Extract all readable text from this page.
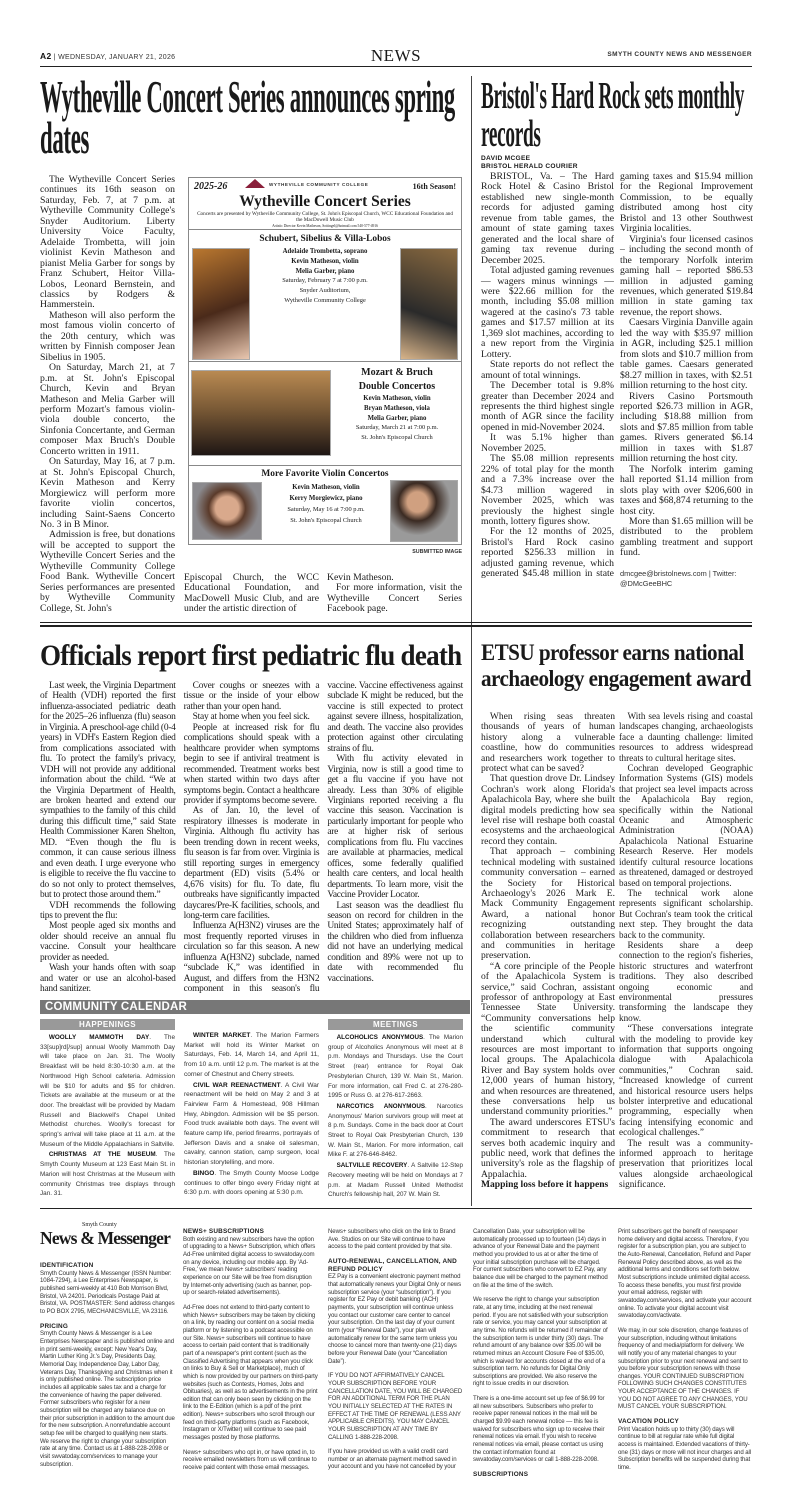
A2 | WEDNESDAY, JANUARY 21, 2026	NEWS	SMYTH COUNTY NEWS AND MESSENGER
Wytheville Concert Series announces spring dates

The Wytheville Concert Series continues its 16th season on Saturday, Feb. 7, at 7 p.m. at Wytheville Community College's Snyder Auditorium. Liberty University Voice Faculty, Adelaide Trombetta, will join violinist Kevin Matheson and pianist Melia Garber for songs by Franz Schubert, Heitor Villa-Lobos, Leonard Bernstein, and classics by Rodgers & Hammerstein.

Matheson will also perform the most famous violin concerto of the 20th century, which was written by Finnish composer Jean Sibelius in 1905.

On Saturday, March 21, at 7 p.m. at St. John's Episcopal Church, Kevin and Bryan Matheson and Melia Garber will perform Mozart's famous violin-viola double concerto, the Sinfonia Concertante, and German composer Max Bruch's Double Concerto written in 1911.

On Saturday, May 16, at 7 p.m. at St. John's Episcopal Church, Kevin Matheson and Kerry Morgiewicz will perform more favorite violin concertos, including Saint-Saens Concerto No. 3 in B Minor.

Admission is free, but donations will be accepted to support the Wytheville Concert Series and the Wytheville Community College Food Bank. Wytheville Concert Series performances are presented by Wytheville Community College, St. John's

2025-26	WYTHEVILLE COMMUNITY COLLEGE	16th Season!
Wytheville Concert Series
Concerts are presented by Wytheville Community College, St. John's Episcopal Church, WCC Educational Foundation and the MacDowell Music Club
Artistic Director Kevin Matheson, Sottingel@hotmail.com 540-577-4916
Schubert, Sibelius & Villa-Lobos
Adelaide Trombetta, soprano
Kevin Matheson, violin
Melia Garber, piano
Saturday, February 7 at 7:00 p.m.
Snyder Auditorium,
Wytheville Community College
Mozart & Bruch
Double Concertos
Kevin Matheson, violin
Bryan Matheson, viola
Melia Garber, piano
Saturday, March 21 at 7:00 p.m.
St. John's Episcopal Church
More Favorite Violin Concertos
Kevin Matheson, violin
Kerry Morgiewicz, piano
Saturday, May 16 at 7:00 p.m.
St. John's Episcopal Church
SUBMITTED IMAGE

Episcopal Church, the WCC Educational Foundation, and MacDowell Music Club, and are under the artistic direction of

Kevin Matheson.

For more information, visit the Wytheville Concert Series Facebook page.

Bristol's Hard Rock sets monthly records
DAVID MCGEE
BRISTOL HERALD COURIER

BRISTOL, Va. – The Hard Rock Hotel & Casino Bristol established new single-month records for adjusted gaming revenue from table games, the amount of state gaming taxes generated and the local share of gaming tax revenue during December 2025.

Total adjusted gaming revenues — wagers minus winnings — were $22.66 million for the month, including $5.08 million wagered at the casino's 73 table games and $17.57 million at its 1,369 slot machines, according to a new report from the Virginia Lottery.

State reports do not reflect the amount of total winnings.

The December total is 9.8% greater than December 2024 and represents the third highest single month of AGR since the facility opened in mid-November 2024.

It was 5.1% higher than November 2025.

The $5.08 million represents 22% of total play for the month and a 7.3% increase over the $4.73 million wagered in November 2025, which was previously the highest single month, lottery figures show.

For the 12 months of 2025, Bristol's Hard Rock casino reported $256.33 million in adjusted gaming revenue, which generated $45.48 million in state gaming taxes and $15.94 million for the Regional Improvement Commission, to be equally distributed among host city Bristol and 13 other Southwest Virginia localities.

Virginia's four licensed casinos – including the second month of the temporary Norfolk interim gaming hall – reported $86.53 million in adjusted gaming revenues, which generated $19.84 million in state gaming tax revenue, the report shows.

Caesars Virginia Danville again led the way with $35.97 million in AGR, including $25.1 million from slots and $10.7 million from table games. Caesars generated $8.27 million in taxes, with $2.51 million returning to the host city.

Rivers Casino Portsmouth reported $26.73 million in AGR, including $18.88 million from slots and $7.85 million from table games. Rivers generated $6.14 million in taxes with $1.87 million returning the host city.

The Norfolk interim gaming hall reported $1.14 million from slots play with over $206,600 in taxes and $68,874 returning to the host city.

More than $1.65 million will be distributed to the problem gambling treatment and support fund.

dmcgee@bristolnews.com | Twitter: @DMcGeeBHC

Officials report first pediatric flu death

Last week, the Virginia Department of Health (VDH) reported the first influenza-associated pediatric death for the 2025–26 influenza (flu) season in Virginia. A preschool-age child (0-4 years) in VDH's Eastern Region died from complications associated with flu. To protect the family's privacy, VDH will not provide any additional information about the child. “We at the Virginia Department of Health, are broken hearted and extend our sympathies to the family of this child during this difficult time,” said State Health Commissioner Karen Shelton, MD. “Even though the flu is common, it can cause serious illness and even death. I urge everyone who is eligible to receive the flu vaccine to do so not only to protect themselves, but to protect those around them.”

VDH recommends the following tips to prevent the flu:

Most people aged six months and older should receive an annual flu vaccine. Consult your healthcare provider as needed.

Wash your hands often with soap and water or use an alcohol-based hand sanitizer.

Cover coughs or sneezes with a tissue or the inside of your elbow rather than your open hand.

Stay at home when you feel sick.

People at increased risk for flu complications should speak with a healthcare provider when symptoms begin to see if antiviral treatment is recommended. Treatment works best when started within two days after symptoms begin. Contact a healthcare provider if symptoms become severe.

As of Jan. 10, the level of respiratory illnesses is moderate in Virginia. Although flu activity has been trending down in recent weeks, flu season is far from over. Virginia is still reporting surges in emergency department (ED) visits (5.4% or 4,676 visits) for flu. To date, flu outbreaks have significantly impacted daycares/Pre-K facilities, schools, and long-term care facilities.

Influenza A(H3N2) viruses are the most frequently reported viruses in circulation so far this season. A new influenza A(H3N2) subclade, named “subclade K,” was identified in August, and differs from the H3N2 component in this season's flu vaccine. Vaccine effectiveness against subclade K might be reduced, but the vaccine is still expected to protect against severe illness, hospitalization, and death. The vaccine also provides protection against other circulating strains of flu.

With flu activity elevated in Virginia, now is still a good time to get a flu vaccine if you have not already. Less than 30% of eligible Virginians reported receiving a flu vaccine this season. Vaccination is particularly important for people who are at higher risk of serious complications from flu. Flu vaccines are available at pharmacies, medical offices, some federally qualified health care centers, and local health departments. To learn more, visit the Vaccine Provider Locator.

Last season was the deadliest flu season on record for children in the United States; approximately half of the children who died from influenza did not have an underlying medical condition and 89% were not up to date with recommended flu vaccinations.

COMMUNITY CALENDAR
HAPPENINGS	MEETINGS

WOOLLY MAMMOTH DAY. The 33[sup]rd[/sup] annual Woolly Mammoth Day will take place on Jan. 31. The Woolly Breakfast will be held 8:30-10:30 a.m. at the Northwood High School cafeteria. Admission will be $10 for adults and $5 for children. Tickets are available at the museum or at the door. The breakfast will be provided by Madam Russell and Blackwell's Chapel United Methodist churches. Woolly's forecast for spring's arrival will take place at 11 a.m. at the Museum of the Middle Appalachians in Saltville.

CHRISTMAS AT THE MUSEUM. The Smyth County Museum at 123 East Main St. in Marion will host Christmas at the Museum with community Christmas tree displays through Jan. 31.

WINTER MARKET. The Marion Farmers Market will hold its Winter Market on Saturdays, Feb. 14, March 14, and April 11, from 10 a.m. until 12 p.m. The market is at the corner of Chestnut and Cherry streets.

CIVIL WAR REENACTMENT. A Civil War reenactment will be held on May 2 and 3 at Fairview Farm & Homestead, 908 Hillman Hwy, Abingdon. Admission will be $5 person. Food truck available both days. The event will feature camp life, period firearms, portrayals of Jefferson Davis and a snake oil salesman, cavalry, cannon station, camp surgeon, local historian storytelling, and more.

BINGO. The Smyth County Moose Lodge continues to offer bingo every Friday night at 6:30 p.m. with doors opening at 5:30 p.m.

ALCOHOLICS ANONYMOUS. The Marion group of Alcoholics Anonymous will meet at 8 p.m. Mondays and Thursdays. Use the Court Street (rear) entrance for Royal Oak Presbyterian Church, 139 W. Main St., Marion. For more information, call Fred C. at 276-280-1995 or Russ G. at 276-617-2663.

NARCOTICS ANONYMOUS. Narcotics Anonymous' Marion survivors group will meet at 8 p.m. Sundays. Come in the back door at Court Street to Royal Oak Presbyterian Church, 139 W. Main St., Marion. For more information, call Mike F. at 276-646-8462.

SALTVILLE RECOVERY. A Saltville 12-Step Recovery meeting will be held on Mondays at 7 p.m. at Madam Russell United Methodist Church's fellowship hall, 207 W. Main St.

ETSU professor earns national archaeology engagement award

When rising seas threaten thousands of years of human history along a vulnerable coastline, how do communities and researchers work together to protect what can be saved?

That question drove Dr. Lindsey Cochran's work along Florida's Apalachicola Bay, where she built digital models predicting how sea level rise will reshape both coastal ecosystems and the archaeological record they contain.

That approach – combining technical modeling with sustained community conversation – earned the Society for Historical Archaeology's 2026 Mark E. Mack Community Engagement Award, a national honor recognizing outstanding collaboration between researchers and communities in heritage preservation.

“A core principle of the People of the Apalachicola System is service,” said Cochran, assistant professor of anthropology at East Tennessee State University. “Community conversations help the scientific community understand which cultural resources are most important to local groups. The Apalachicola River and Bay system holds over 12,000 years of human history, and when resources are threatened, these conversations help us understand community priorities.”

The award underscores ETSU's commitment to research that serves both academic inquiry and public need, work that defines the university's role as the flagship of Appalachia.

Mapping loss before it happens

With sea levels rising and coastal landscapes changing, archaeologists face a daunting challenge: limited resources to address widespread threats to cultural heritage sites.

Cochran developed Geographic Information Systems (GIS) models that project sea level impacts across the Apalachicola Bay region, specifically within the National Oceanic and Atmospheric Administration (NOAA) Apalachicola National Estuarine Research Reserve. Her models identify cultural resource locations as threatened, damaged or destroyed based on temporal projections.

The technical work alone represents significant scholarship. But Cochran's team took the critical next step. They brought the data back to the community.

Residents share a deep connection to the region's fisheries, historic structures and waterfront traditions. They also described ongoing economic and environmental pressures transforming the landscape they know.

“These conversations integrate with the modeling to provide key information that supports ongoing dialogue with Apalachicola communities,” Cochran said. “Increased knowledge of current and historical resource users helps bolster interpretive and educational programming, especially when facing intensifying economic and ecological challenges.”

The result was a community-informed approach to heritage preservation that prioritizes local values alongside archaeological significance.

Smyth County
News & Messenger
IDENTIFICATION

Smyth County News & Messenger (ISSN Number: 1084-7294), a Lee Enterprises Newspaper, is published semi-weekly at 410 Bob Morrison Blvd, Bristol, VA 24201. Periodicals Postage Paid at Bristol, VA. POSTMASTER: Send address changes to PO BOX 2795, MECHANICSVILLE, VA 23116.

PRICING

Smyth County News & Messenger is a Lee Enterprises Newspaper and is published online and in print semi-weekly, except: New Year's Day, Martin Luther King Jr.'s Day, Presidents Day, Memorial Day, Independence Day, Labor Day, Veterans Day, Thanksgiving and Christmas when it is only published online. The subscription price includes all applicable sales tax and a charge for the convenience of having the paper delivered. Former subscribers who register for a new subscription will be charged any balance due on their prior subscription in addition to the amount due for the new subscription. A nonrefundable account setup fee will be charged to qualifying new starts. We reserve the right to change your subscription rate at any time. Contact us at 1-888-228-2098 or visit swvatoday.com/services to manage your subscription.

NEWS+ SUBSCRIPTIONS

Both existing and new subscribers have the option of upgrading to a News+ Subscription, which offers Ad-Free unlimited digital access to swvatoday.com on any device, including our mobile app. By 'Ad-Free,' we mean News+ subscribers' reading experience on our Site will be free from disruption by Internet-only advertising (such as banner, pop-up or search-related advertisements).

Ad-Free does not extend to third-party content to which News+ subscribers may be taken by clicking on a link, by reading our content on a social media platform or by listening to a podcast accessible on our Site. News+ subscribers will continue to have access to certain paid content that is traditionally part of a newspaper's print content (such as the Classified Advertising that appears when you click on links to Buy & Sell or Marketplace), much of which is now provided by our partners on third-party websites (such as Contests, Homes, Jobs and Obituaries), as well as to advertisements in the print edition that can only been seen by clicking on the link to the E-Edition (which is a pdf of the print edition). News+ subscribers who scroll through our feed on third-party platforms (such as Facebook, Instagram or X/Twitter) will continue to see paid messages posted by those platforms.

News+ subscribers who opt in, or have opted in, to receive emailed newsletters from us will continue to receive paid content with those email messages. News+ subscribers who click on the link to Brand Ave. Studios on our Site will continue to have access to the paid content provided by that site.

AUTO-RENEWAL, CANCELLATION, AND REFUND POLICY

EZ Pay is a convenient electronic payment method that automatically renews your Digital Only or news subscription service (your “subscription”). If you register for EZ Pay or debit banking (ACH) payments, your subscription will continue unless you contact our customer care center to cancel your subscription. On the last day of your current term (your “Renewal Date”), your plan will automatically renew for the same term unless you choose to cancel more than twenty-one (21) days before your Renewal Date (your “Cancellation Date”).

IF YOU DO NOT AFFIRMATIVELY CANCEL YOUR SUBSCRIPTION BEFORE YOUR CANCELLATION DATE, YOU WILL BE CHARGED FOR AN ADDITIONAL TERM FOR THE PLAN YOU INITIALLY SELECTED AT THE RATES IN EFFECT AT THE TIME OF RENEWAL (LESS ANY APPLICABLE CREDITS). YOU MAY CANCEL YOUR SUBSCRIPTION AT ANY TIME BY CALLING 1-888-228-2098.

If you have provided us with a valid credit card number or an alternate payment method saved in your account and you have not cancelled by your Cancellation Date, your subscription will be automatically processed up to fourteen (14) days in advance of your Renewal Date and the payment method you provided to us at or after the time of your initial subscription purchase will be charged. For current subscribers who convert to EZ Pay, any balance due will be charged to the payment method on file at the time of the switch.

We reserve the right to change your subscription rate, at any time, including at the next renewal period. If you are not satisfied with your subscription rate or service, you may cancel your subscription at any time. No refunds will be returned if remainder of the subscription term is under thirty (30) days. The refund amount of any balance over $35.00 will be returned minus an Account Closure Fee of $35.00, which is waived for accounts closed at the end of a subscription term. No refunds for Digital Only subscriptions are provided. We also reserve the right to issue credits in our discretion.

There is a one-time account set up fee of $6.99 for all new subscribers. Subscribers who prefer to receive paper renewal notices in the mail will be charged $9.99 each renewal notice — this fee is waived for subscribers who sign up to receive their renewal notices via email. If you wish to receive renewal notices via email, please contact us using the contact information found at swvatoday.com/services or call 1-888-228-2098.

SUBSCRIPTIONS

Print subscribers get the benefit of newspaper home delivery and digital access. Therefore, if you register for a subscription plan, you are subject to the Auto-Renewal, Cancellation, Refund and Paper Renewal Policy described above, as well as the additional terms and conditions set forth below. Most subscriptions include unlimited digital access. To access these benefits, you must first provide your email address, register with swvatoday.com/services, and activate your account online. To activate your digital account visit swvatoday.com/activate.

We may, in our sole discretion, change features of your subscription, including without limitations frequency of and media/platform for delivery. We will notify you of any material changes to your subscription prior to your next renewal and sent to you before your subscription renews with those changes. YOUR CONTINUED SUBSCRIPTION FOLLOWING SUCH CHANGES CONSTITUTES YOUR ACCEPTANCE OF THE CHANGES. IF YOU DO NOT AGREE TO ANY CHANGES, YOU MUST CANCEL YOUR SUBSCRIPTION.

VACATION POLICY

Print Vacation holds up to thirty (30) days will continue to bill at regular rate while full digital access is maintained. Extended vacations of thirty-one (31) days or more will not incur charges and all Subscription benefits will be suspended during that time.
